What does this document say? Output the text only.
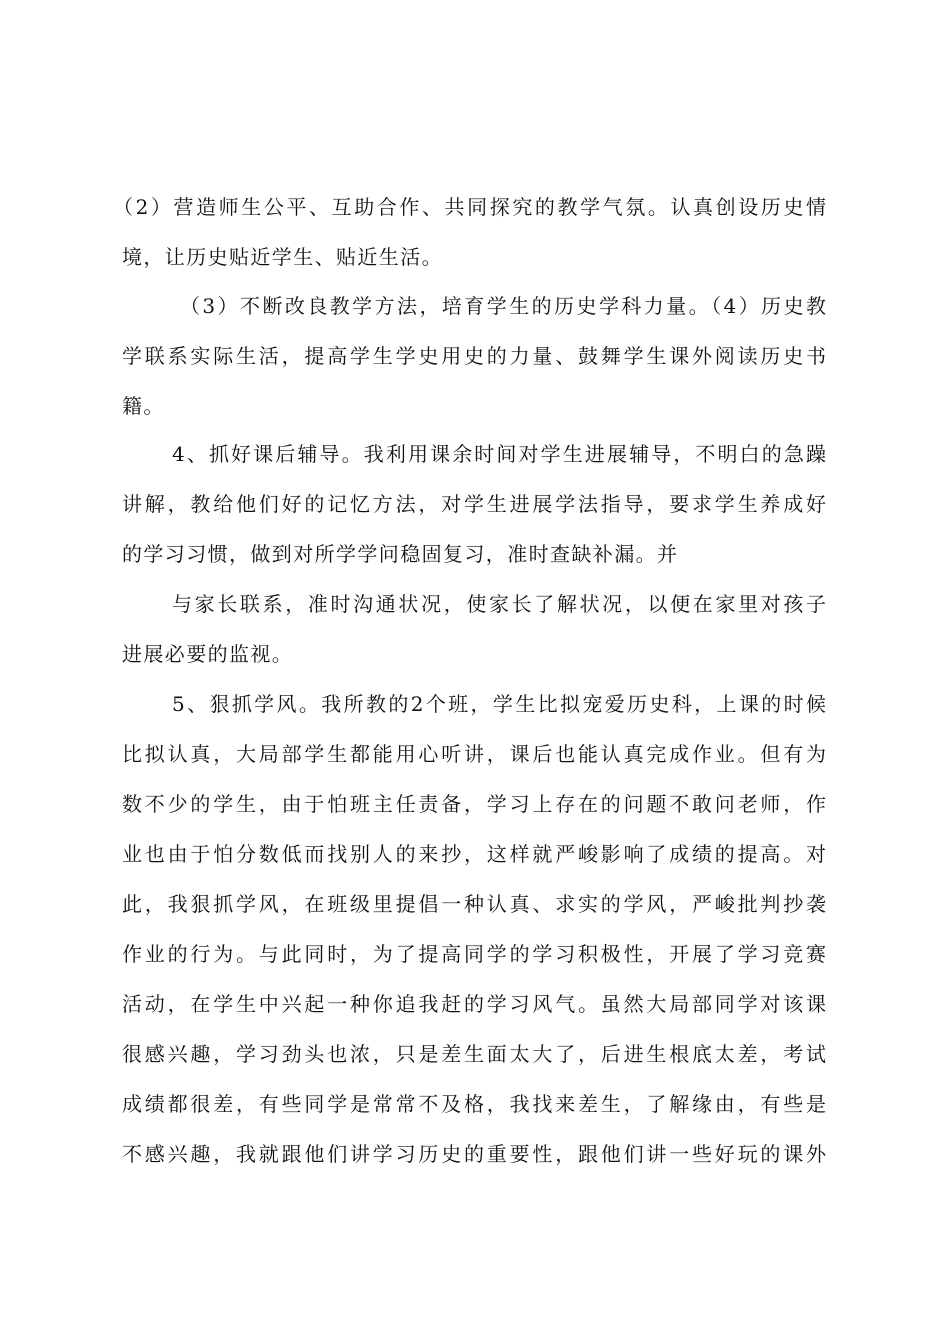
（2）营造师生公平、互助合作、共同探究的教学气氛。认真创设历史情
境，让历史贴近学生、贴近生活。
（3）不断改良教学方法，培育学生的历史学科力量。（4）历史教
学联系实际生活，提高学生学史用史的力量、鼓舞学生课外阅读历史书
籍。
4、抓好课后辅导。我利用课余时间对学生进展辅导，不明白的急躁
讲解，教给他们好的记忆方法，对学生进展学法指导，要求学生养成好
的学习习惯，做到对所学学问稳固复习，准时查缺补漏。并
与家长联系，准时沟通状况，使家长了解状况，以便在家里对孩子
进展必要的监视。
5、狠抓学风。我所教的2个班，学生比拟宠爱历史科，上课的时候
比拟认真，大局部学生都能用心听讲，课后也能认真完成作业。但有为
数不少的学生，由于怕班主任责备，学习上存在的问题不敢问老师，作
业也由于怕分数低而找别人的来抄，这样就严峻影响了成绩的提高。对
此，我狠抓学风，在班级里提倡一种认真、求实的学风，严峻批判抄袭
作业的行为。与此同时，为了提高同学的学习积极性，开展了学习竞赛
活动，在学生中兴起一种你追我赶的学习风气。虽然大局部同学对该课
很感兴趣，学习劲头也浓，只是差生面太大了，后进生根底太差，考试
成绩都很差，有些同学是常常不及格，我找来差生，了解缘由，有些是
不感兴趣，我就跟他们讲学习历史的重要性，跟他们讲一些好玩的课外
